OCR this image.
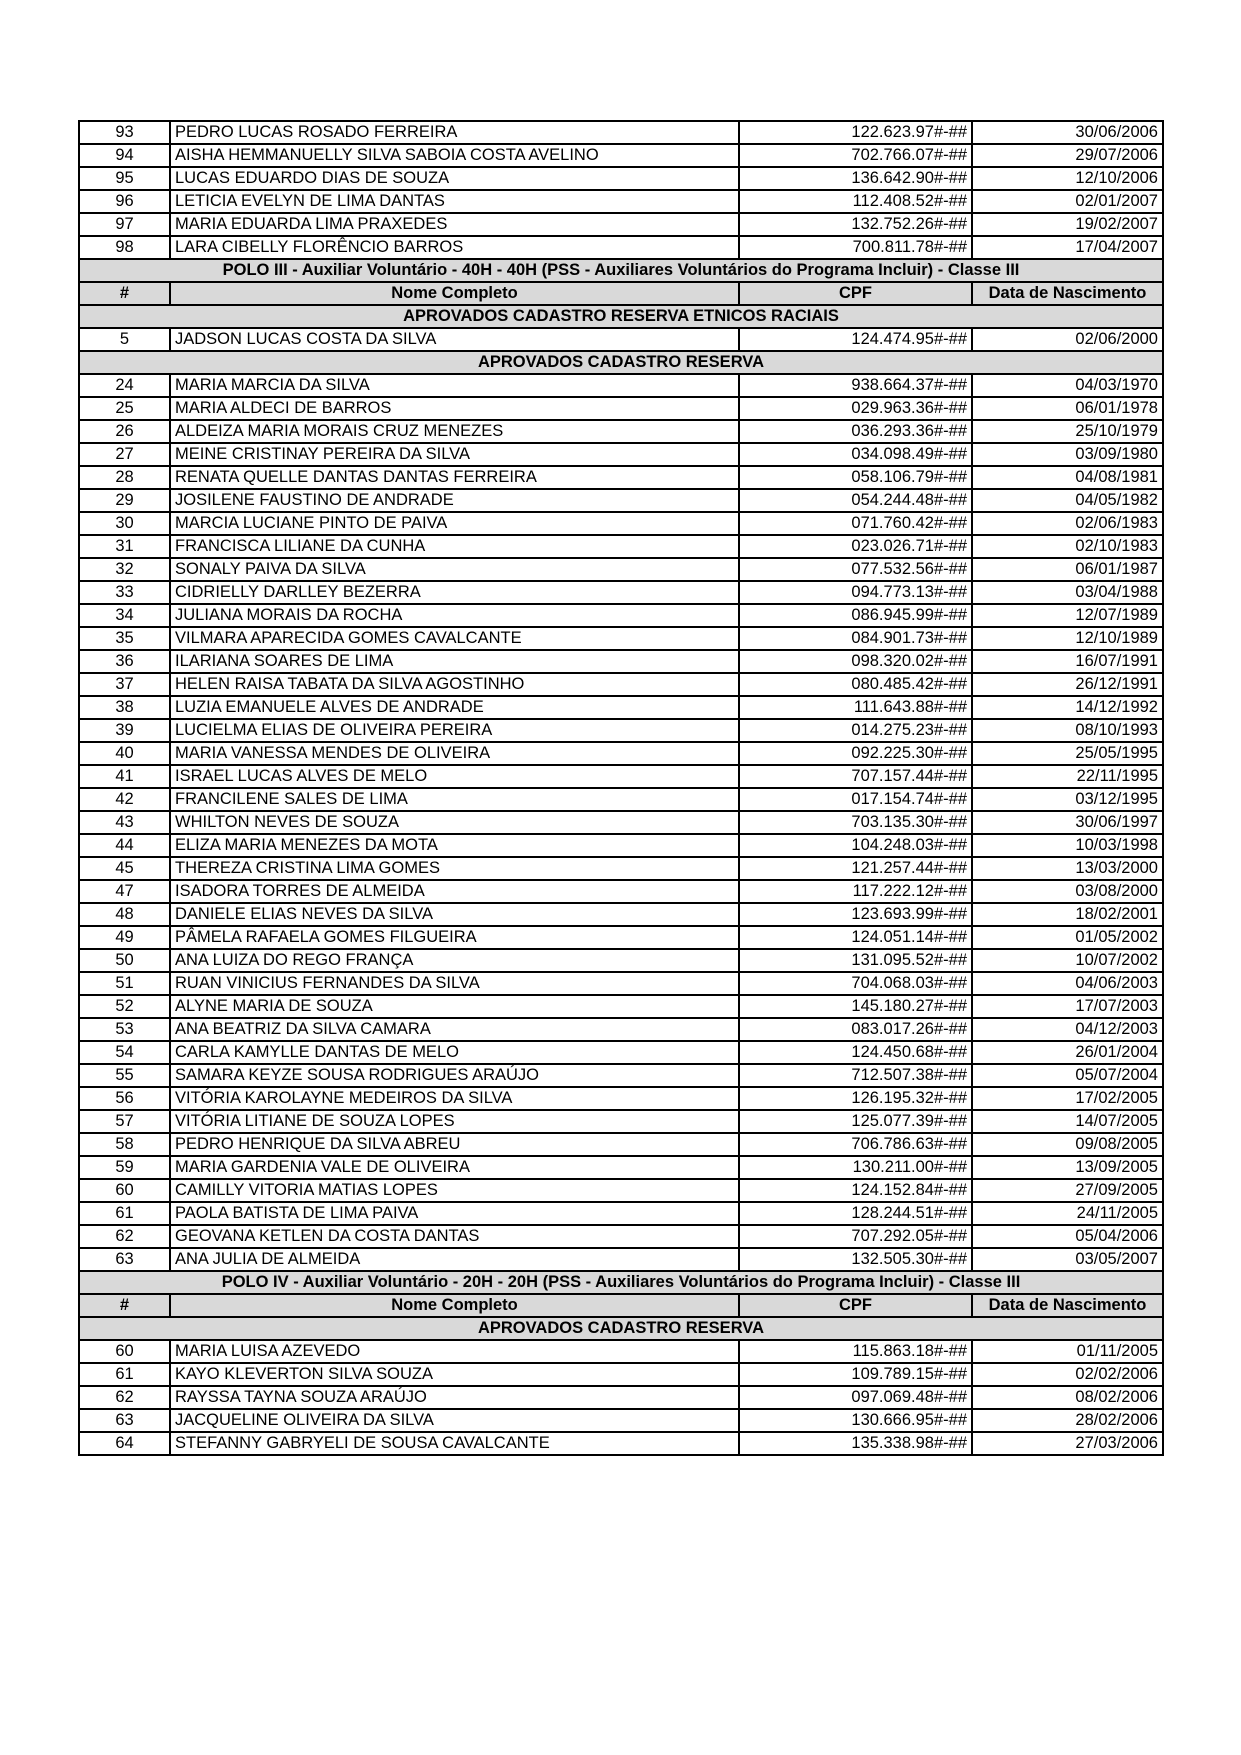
93	PEDRO LUCAS ROSADO FERREIRA	122.623.97#-##	30/06/2006
94	AISHA HEMMANUELLY SILVA SABOIA COSTA AVELINO	702.766.07#-##	29/07/2006
95	LUCAS EDUARDO DIAS DE SOUZA	136.642.90#-##	12/10/2006
96	LETICIA EVELYN DE LIMA DANTAS	112.408.52#-##	02/01/2007
97	MARIA EDUARDA LIMA PRAXEDES	132.752.26#-##	19/02/2007
98	LARA CIBELLY FLORÊNCIO BARROS	700.811.78#-##	17/04/2007
POLO III - Auxiliar Voluntário - 40H - 40H (PSS - Auxiliares Voluntários do Programa Incluir) - Classe III			
#	Nome Completo	CPF	Data de Nascimento
APROVADOS CADASTRO RESERVA ETNICOS RACIAIS			
5	JADSON LUCAS COSTA DA SILVA	124.474.95#-##	02/06/2000
APROVADOS CADASTRO RESERVA			
24	MARIA MARCIA DA SILVA	938.664.37#-##	04/03/1970
25	MARIA ALDECI DE BARROS	029.963.36#-##	06/01/1978
26	ALDEIZA MARIA MORAIS CRUZ MENEZES	036.293.36#-##	25/10/1979
27	MEINE CRISTINAY PEREIRA DA SILVA	034.098.49#-##	03/09/1980
28	RENATA QUELLE DANTAS DANTAS FERREIRA	058.106.79#-##	04/08/1981
29	JOSILENE FAUSTINO DE ANDRADE	054.244.48#-##	04/05/1982
30	MARCIA LUCIANE PINTO DE PAIVA	071.760.42#-##	02/06/1983
31	FRANCISCA LILIANE DA CUNHA	023.026.71#-##	02/10/1983
32	SONALY PAIVA DA SILVA	077.532.56#-##	06/01/1987
33	CIDRIELLY DARLLEY BEZERRA	094.773.13#-##	03/04/1988
34	JULIANA MORAIS DA ROCHA	086.945.99#-##	12/07/1989
35	VILMARA APARECIDA GOMES CAVALCANTE	084.901.73#-##	12/10/1989
36	ILARIANA SOARES DE LIMA	098.320.02#-##	16/07/1991
37	HELEN RAISA TABATA DA SILVA AGOSTINHO	080.485.42#-##	26/12/1991
38	LUZIA EMANUELE ALVES DE ANDRADE	111.643.88#-##	14/12/1992
39	LUCIELMA ELIAS DE OLIVEIRA PEREIRA	014.275.23#-##	08/10/1993
40	MARIA VANESSA MENDES DE OLIVEIRA	092.225.30#-##	25/05/1995
41	ISRAEL LUCAS ALVES DE MELO	707.157.44#-##	22/11/1995
42	FRANCILENE SALES DE LIMA	017.154.74#-##	03/12/1995
43	WHILTON NEVES DE SOUZA	703.135.30#-##	30/06/1997
44	ELIZA MARIA MENEZES DA MOTA	104.248.03#-##	10/03/1998
45	THEREZA CRISTINA LIMA GOMES	121.257.44#-##	13/03/2000
47	ISADORA TORRES DE ALMEIDA	117.222.12#-##	03/08/2000
48	DANIELE ELIAS NEVES DA SILVA	123.693.99#-##	18/02/2001
49	PÂMELA RAFAELA GOMES FILGUEIRA	124.051.14#-##	01/05/2002
50	ANA LUIZA DO REGO FRANÇA	131.095.52#-##	10/07/2002
51	RUAN VINICIUS FERNANDES DA SILVA	704.068.03#-##	04/06/2003
52	ALYNE MARIA DE SOUZA	145.180.27#-##	17/07/2003
53	ANA BEATRIZ DA SILVA CAMARA	083.017.26#-##	04/12/2003
54	CARLA KAMYLLE DANTAS DE MELO	124.450.68#-##	26/01/2004
55	SAMARA KEYZE SOUSA RODRIGUES ARAÚJO	712.507.38#-##	05/07/2004
56	VITÓRIA KAROLAYNE MEDEIROS DA SILVA	126.195.32#-##	17/02/2005
57	VITÓRIA LITIANE DE SOUZA LOPES	125.077.39#-##	14/07/2005
58	PEDRO HENRIQUE DA SILVA ABREU	706.786.63#-##	09/08/2005
59	MARIA GARDENIA VALE DE OLIVEIRA	130.211.00#-##	13/09/2005
60	CAMILLY VITORIA MATIAS LOPES	124.152.84#-##	27/09/2005
61	PAOLA BATISTA DE LIMA PAIVA	128.244.51#-##	24/11/2005
62	GEOVANA KETLEN DA COSTA DANTAS	707.292.05#-##	05/04/2006
63	ANA JULIA DE ALMEIDA	132.505.30#-##	03/05/2007
POLO IV - Auxiliar Voluntário - 20H - 20H (PSS - Auxiliares Voluntários do Programa Incluir) - Classe III			
#	Nome Completo	CPF	Data de Nascimento
APROVADOS CADASTRO RESERVA			
60	MARIA LUISA AZEVEDO	115.863.18#-##	01/11/2005
61	KAYO KLEVERTON SILVA SOUZA	109.789.15#-##	02/02/2006
62	RAYSSA TAYNA SOUZA ARAÚJO	097.069.48#-##	08/02/2006
63	JACQUELINE OLIVEIRA DA SILVA	130.666.95#-##	28/02/2006
64	STEFANNY GABRYELI DE SOUSA CAVALCANTE	135.338.98#-##	27/03/2006
